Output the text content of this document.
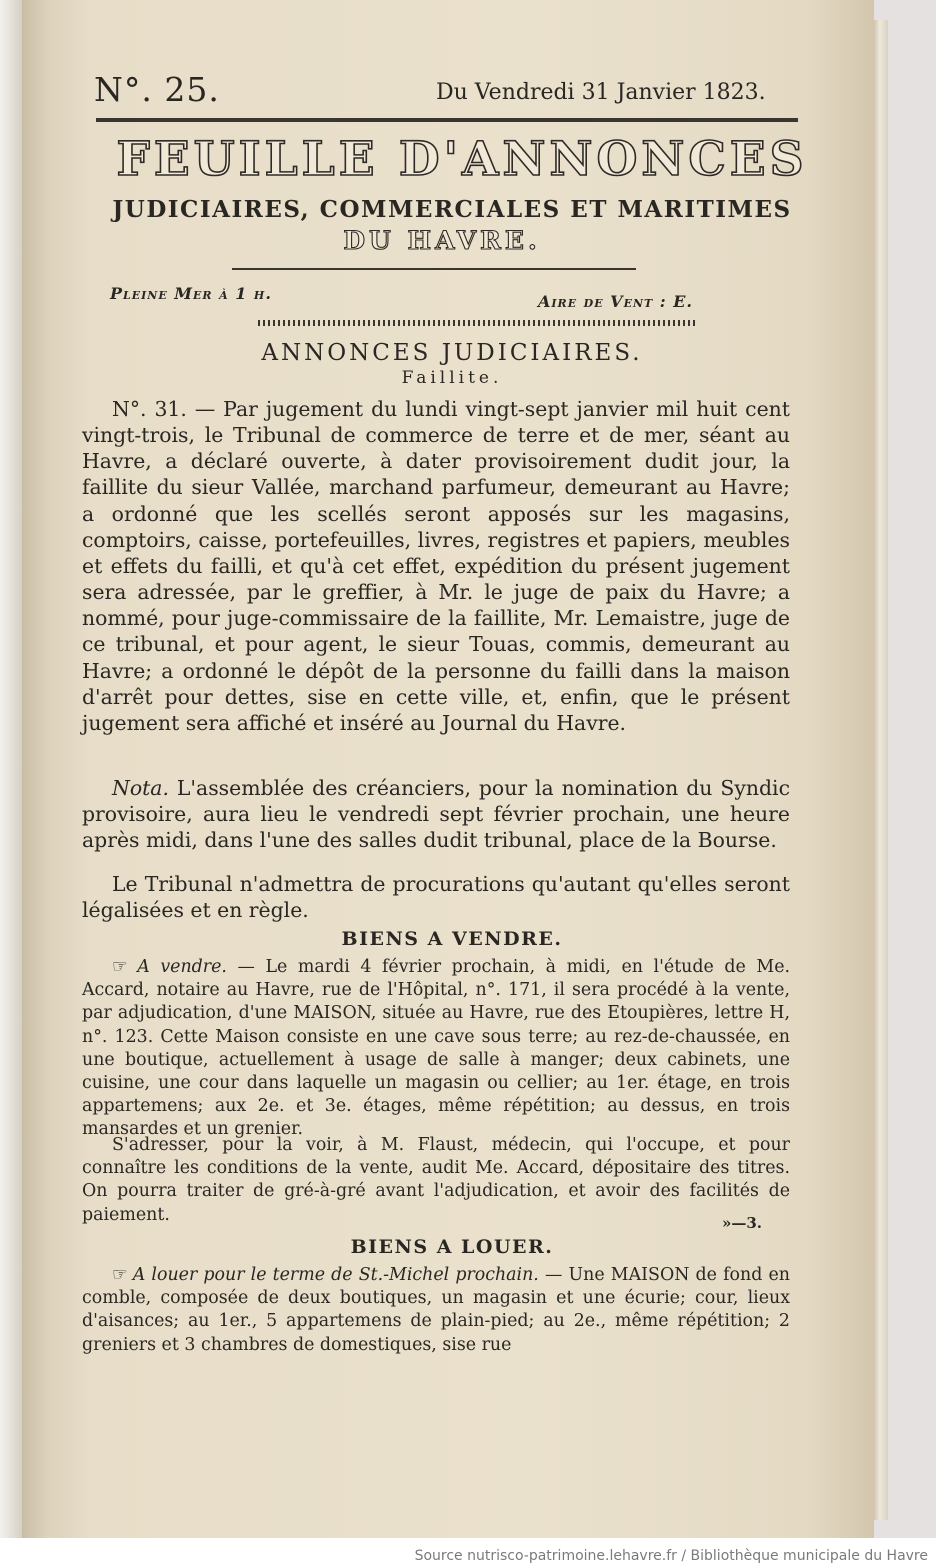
N°. 25.	Du Vendredi 31 Janvier 1823.
FEUILLE D'ANNONCES
JUDICIAIRES, COMMERCIALES ET MARITIMES
DU HAVRE.
Pleine Mer à 1 h.	Aire de Vent : E.
ANNONCES JUDICIAIRES.
Faillite.
N°. 31. — Par jugement du lundi vingt-sept janvier mil huit cent vingt-trois, le Tribunal de commerce de terre et de mer, séant au Havre, a déclaré ouverte, à dater provisoirement dudit jour, la faillite du sieur Vallée, marchand parfumeur, demeurant au Havre; a ordonné que les scellés seront apposés sur les magasins, comptoirs, caisse, portefeuilles, livres, registres et papiers, meubles et effets du failli, et qu'à cet effet, expédition du présent jugement sera adressée, par le greffier, à Mr. le juge de paix du Havre; a nommé, pour juge-commissaire de la faillite, Mr. Lemaistre, juge de ce tribunal, et pour agent, le sieur Touas, commis, demeurant au Havre; a ordonné le dépôt de la personne du failli dans la maison d'arrêt pour dettes, sise en cette ville, et, enfin, que le présent jugement sera affiché et inséré au Journal du Havre.
Nota. L'assemblée des créanciers, pour la nomination du Syndic provisoire, aura lieu le vendredi sept février prochain, une heure après midi, dans l'une des salles dudit tribunal, place de la Bourse.
Le Tribunal n'admettra de procurations qu'autant qu'elles seront légalisées et en règle.
BIENS A VENDRE.
☞ A vendre. — Le mardi 4 février prochain, à midi, en l'étude de Me. Accard, notaire au Havre, rue de l'Hôpital, n°. 171, il sera procédé à la vente, par adjudication, d'une MAISON, située au Havre, rue des Etoupières, lettre H, n°. 123. Cette Maison consiste en une cave sous terre; au rez-de-chaussée, en une boutique, actuellement à usage de salle à manger; deux cabinets, une cuisine, une cour dans laquelle un magasin ou cellier; au 1er. étage, en trois appartemens; aux 2e. et 3e. étages, même répétition; au dessus, en trois mansardes et un grenier.
S'adresser, pour la voir, à M. Flaust, médecin, qui l'occupe, et pour connaître les conditions de la vente, audit Me. Accard, dépositaire des titres. On pourra traiter de gré-à-gré avant l'adjudication, et avoir des facilités de paiement.	»—3.
BIENS A LOUER.
☞ A louer pour le terme de St.-Michel prochain. — Une MAISON de fond en comble, composée de deux boutiques, un magasin et une écurie; cour, lieux d'aisances; au 1er., 5 appartemens de plain-pied; au 2e., même répétition; 2 greniers et 3 chambres de domestiques, sise rue
Source nutrisco-patrimoine.lehavre.fr / Bibliothèque municipale du Havre
